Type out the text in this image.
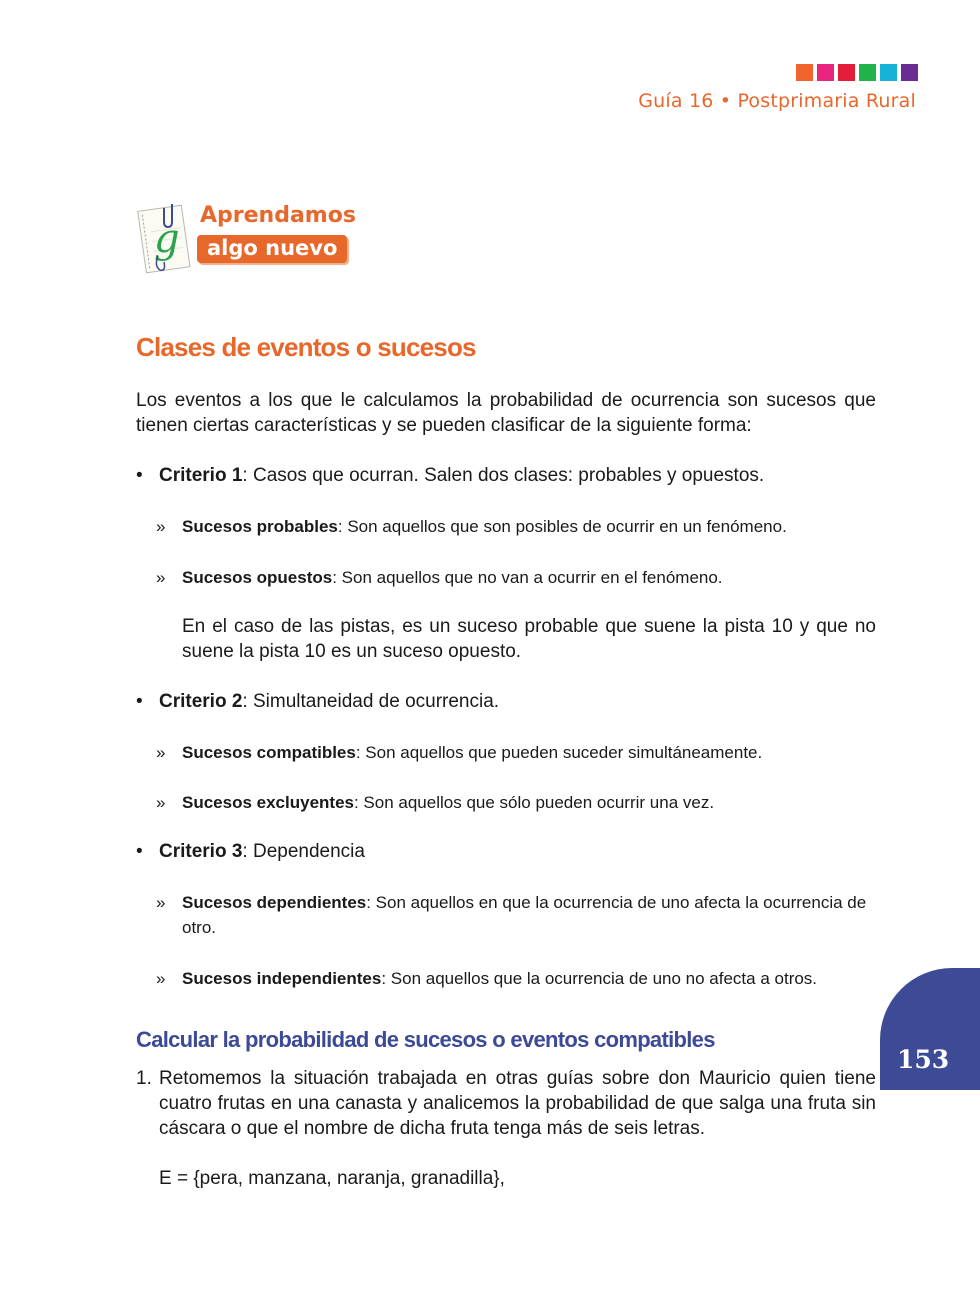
Guía 16 • Postprimaria Rural
g
Aprendamos
algo nuevo
Clases de eventos o sucesos
Los eventos a los que le calculamos la probabilidad de ocurrencia son sucesos que tienen ciertas características y se pueden clasificar de la siguiente forma:
• Criterio 1: Casos que ocurran. Salen dos clases: probables y opuestos.
» Sucesos probables: Son aquellos que son posibles de ocurrir en un fenómeno.
» Sucesos opuestos: Son aquellos que no van a ocurrir en el fenómeno.
En el caso de las pistas, es un suceso probable que suene la pista 10 y que no suene la pista 10 es un suceso opuesto.
• Criterio 2: Simultaneidad de ocurrencia.
» Sucesos compatibles: Son aquellos que pueden suceder simultáneamente.
» Sucesos excluyentes: Son aquellos que sólo pueden ocurrir una vez.
• Criterio 3: Dependencia
» Sucesos dependientes: Son aquellos en que la ocurrencia de uno afecta la ocurrencia de otro.
» Sucesos independientes: Son aquellos que la ocurrencia de uno no afecta a otros.
Calcular la probabilidad de sucesos o eventos compatibles
1. Retomemos la situación trabajada en otras guías sobre don Mauricio quien tiene cuatro frutas en una canasta y analicemos la probabilidad de que salga una fruta sin cáscara o que el nombre de dicha fruta tenga más de seis letras.
E = {pera, manzana, naranja, granadilla},
153
